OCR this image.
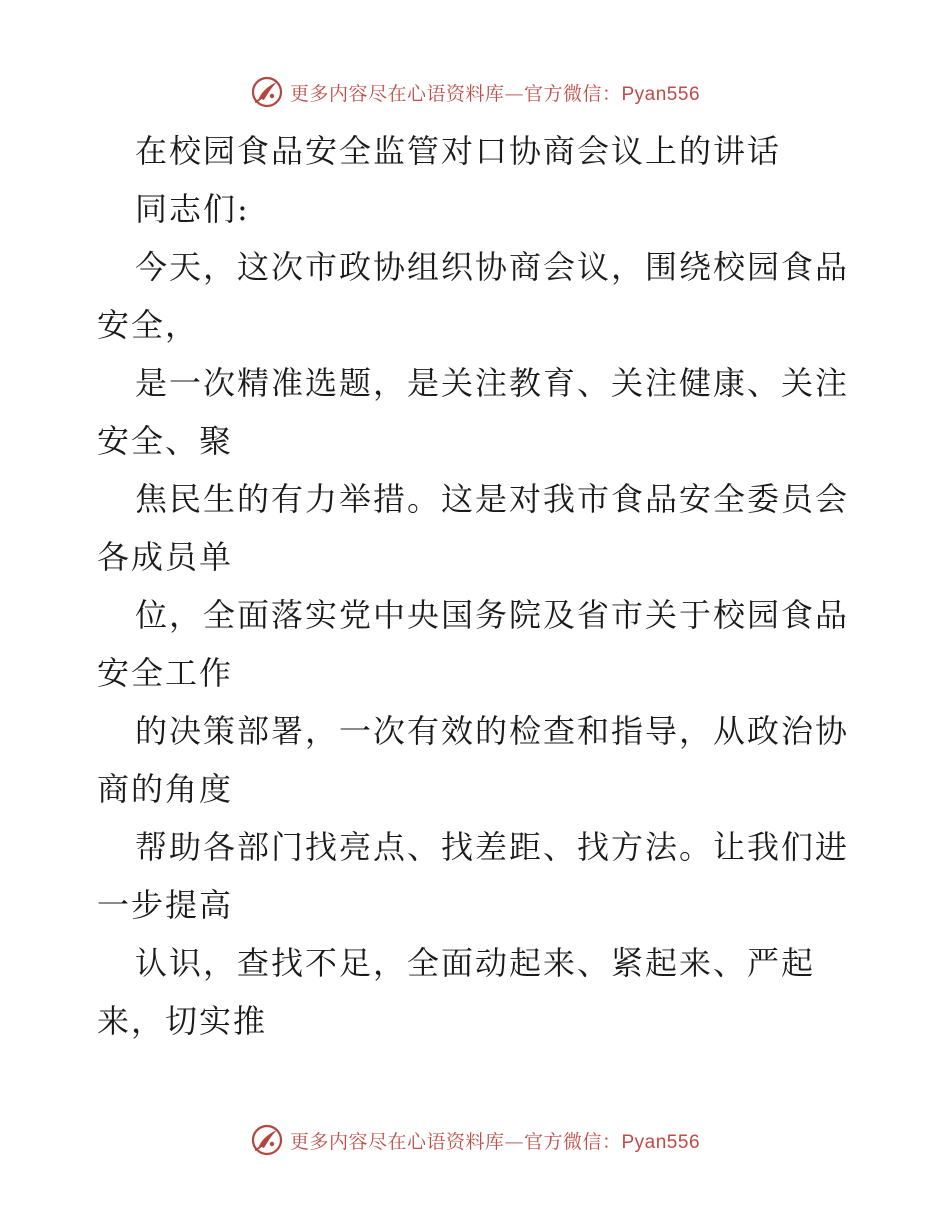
更多内容尽在心语资料库—官方微信：Pyan556
在校园食品安全监管对口协商会议上的讲话
同志们:
今天，这次市政协组织协商会议，围绕校园食品
安全，
是一次精准选题，是关注教育、关注健康、关注
安全、聚
焦民生的有力举措。这是对我市食品安全委员会
各成员单
位，全面落实党中央国务院及省市关于校园食品
安全工作
的决策部署，一次有效的检查和指导，从政治协
商的角度
帮助各部门找亮点、找差距、找方法。让我们进
一步提高
认识，查找不足，全面动起来、紧起来、严起
来，切实推
更多内容尽在心语资料库—官方微信：Pyan556
